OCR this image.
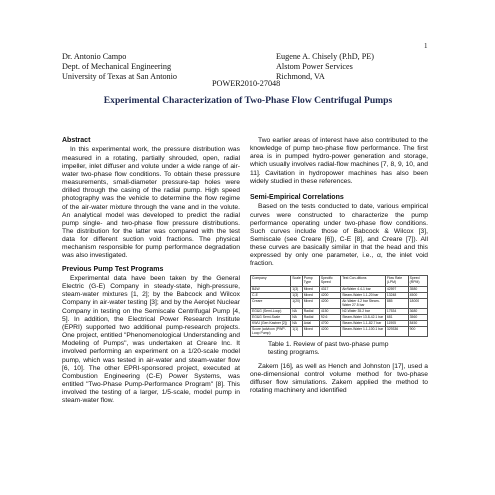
1
Dr. Antonio Campo
Dept. of Mechanical Engineering
University of Texas at San Antonio
Eugene A. Chisely (P.hD, PE)
Alstom Power Services
Richmond, VA
POWER2010-27048
Experimental Characterization of Two-Phase Flow Centrifugal Pumps
Abstract

In this experimental work, the pressure distribution was measured in a rotating, partially shrouded, open, radial impeller, inlet diffuser and volute under a wide range of air-water two-phase flow conditions. To obtain these pressure measurements, small-diameter pressure-tap holes were drilled through the casing of the radial pump. High speed photography was the vehicle to determine the flow regime of the air-water mixture through the vane and in the volute. An analytical model was developed to predict the radial pump single- and two-phase flow pressure distributions. The distribution for the latter was compared with the test data for different suction void fractions. The physical mechanism responsible for pump performance degradation was also investigated.

Previous Pump Test Programs

Experimental data have been taken by the General Electric (G-E) Company in steady-state, high-pressure, steam-water mixtures [1, 2]; by the Babcock and Wilcox Company in air-water testing [3]; and by the Aerojet Nuclear Company in testing on the Semiscale Centrifugal Pump [4, 5]. In addition, the Electrical Power Research Institute (EPRI) supported two additional pump-research projects. One project, entitled "Phenomenological Understanding and Modeling of Pumps", was undertaken at Creare Inc. It involved performing an experiment on a 1/20-scale model pump, which was tested in air-water and steam-water flow [6, 10]. The other EPRI-sponsored project, executed at Combustion Engineering (C-E) Power Systems, was entitled "Two-Phase Pump-Performance Program" [8]. This involved the testing of a larger, 1/5-scale, model pump in steam-water flow.

Two earlier areas of interest have also contributed to the knowledge of pump two-phase flow performance. The first area is in pumped hydro-power generation and storage, which usually involves radial-flow machines [7, 8, 9, 10, and 11]. Cavitation in hydropower machines has also been widely studied in these references.

Semi-Empirical Correlations

Based on the tests conducted to date, various empirical curves were constructed to characterize the pump performance operating under two-phase flow conditions. Such curves include those of Babcock & Wilcox [3], Semiscale (see Creare [6]), C-E [8], and Creare [7]). All these curves are basically similar in that the head and this expressed by only one parameter, i.e., α, the inlet void fraction.

Company	Scale	Pump Type	Specific Speed	Test Con-ditions	Flow Rate (LPM)	Speed (RPM)
B&W	1(3)	Mixed	4317	Air/Water 4.4-1 bar	42597	3580
C-E	1(3)	Mixed	4200	Steam-Water 1.1-20 bar	13248	4500
Creare	1(20)	Mixed	4200	Air-Water 4.2 bar Steam-Water 27.5 bar	885	18000
EG&G (Semi-Loop)	NA	Radial	4150	N2-Water 35.2 bar	17534	3680
EG&G Semi-Scale	NA	Radial	92.6	Steam-Water 13.8-42.1 bar	681	3560
KWU (Gen Kastner [2])	NA	Axial	4700	Steam-Water 1.1-82.7 bar	11905	8450
Score (advIcon (PWP-Loop Pump)	1(1)	Mixed	4200	Steam-Water 1.1-100.1 bar	329336	900

Table 1. Review of past two-phase pump testing programs.

Zakem [16], as well as Hench and Johnston [17], used a one-dimensional control volume method for two-phase diffuser flow simulations. Zakem applied the method to rotating machinery and identified
